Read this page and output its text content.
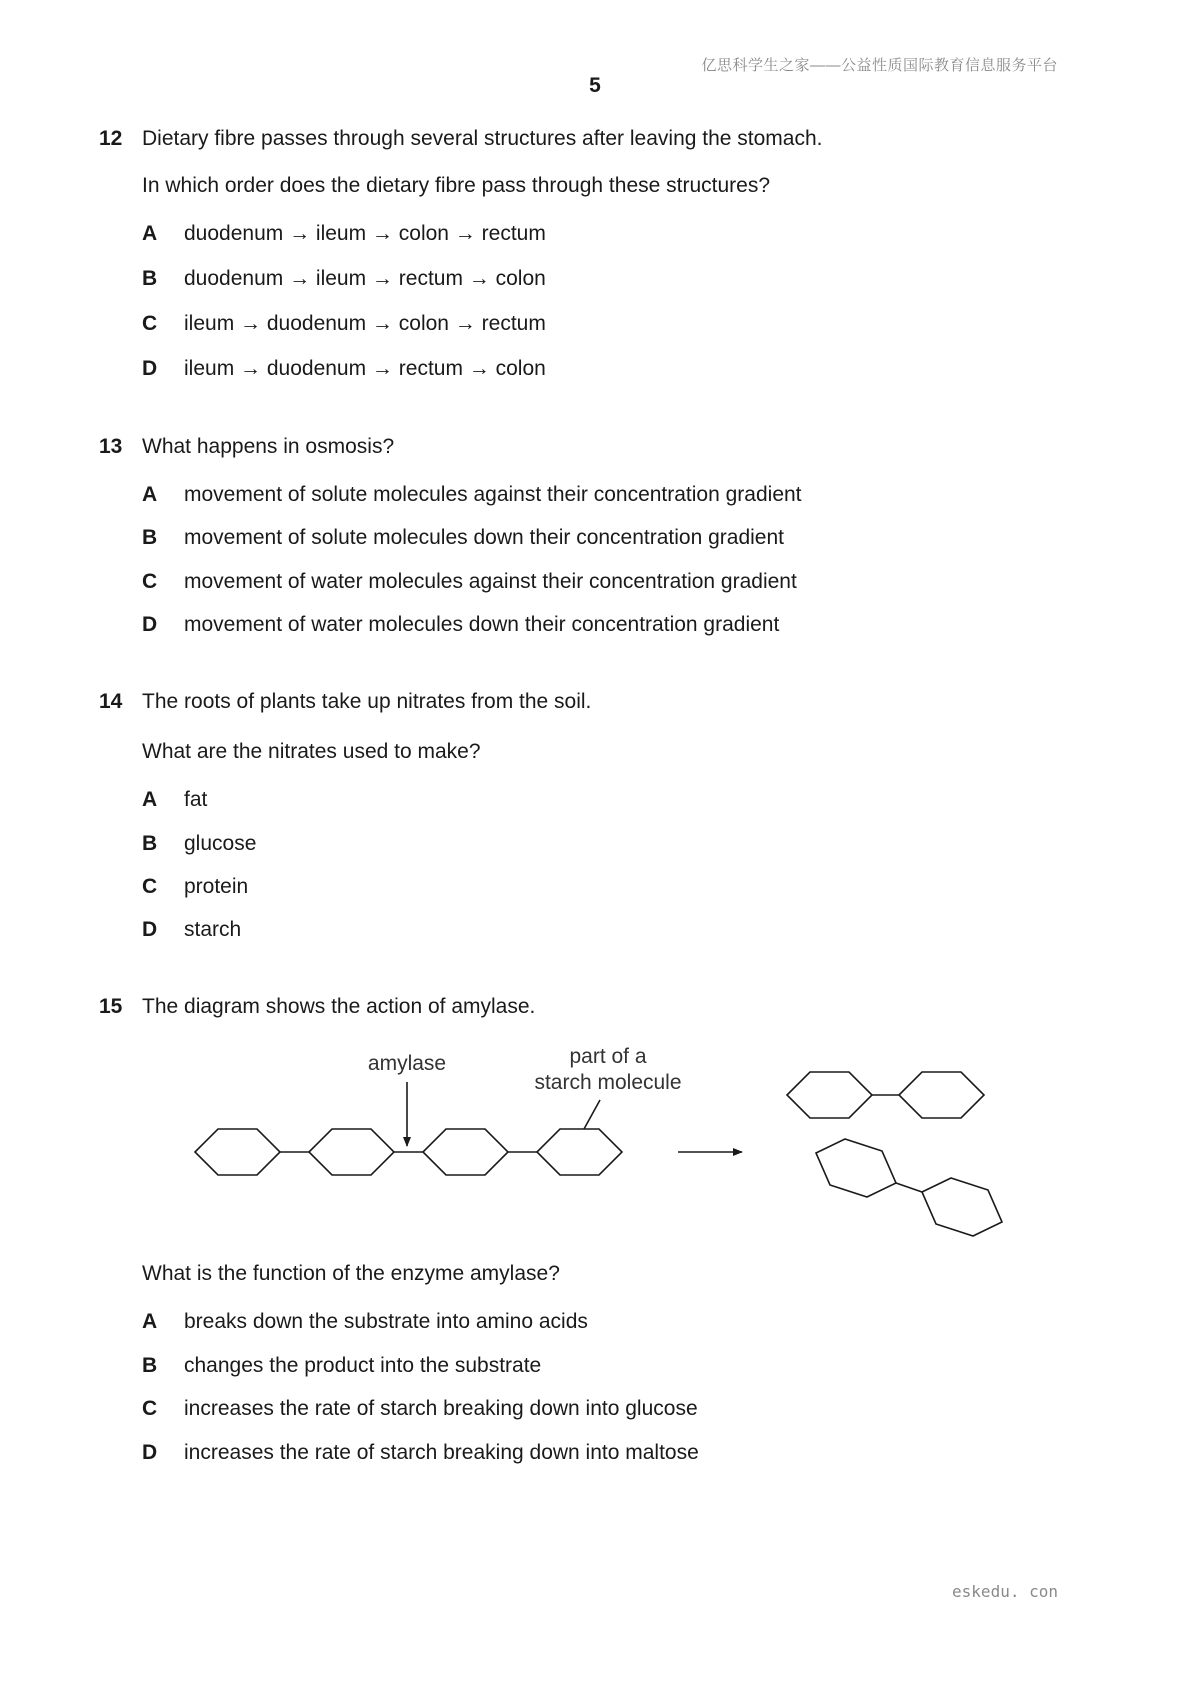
亿思科学生之家——公益性质国际教育信息服务平台
5
12 Dietary fibre passes through several structures after leaving the stomach.
In which order does the dietary fibre pass through these structures?
A duodenum → ileum → colon → rectum
B duodenum → ileum → rectum → colon
C ileum → duodenum → colon → rectum
D ileum → duodenum → rectum → colon
13 What happens in osmosis?
A movement of solute molecules against their concentration gradient
B movement of solute molecules down their concentration gradient
C movement of water molecules against their concentration gradient
D movement of water molecules down their concentration gradient
14 The roots of plants take up nitrates from the soil.
What are the nitrates used to make?
A fat
B glucose
C protein
D starch
15 The diagram shows the action of amylase.
amylase	part of a
starch molecule
What is the function of the enzyme amylase?
A breaks down the substrate into amino acids
B changes the product into the substrate
C increases the rate of starch breaking down into glucose
D increases the rate of starch breaking down into maltose
eskedu. con
